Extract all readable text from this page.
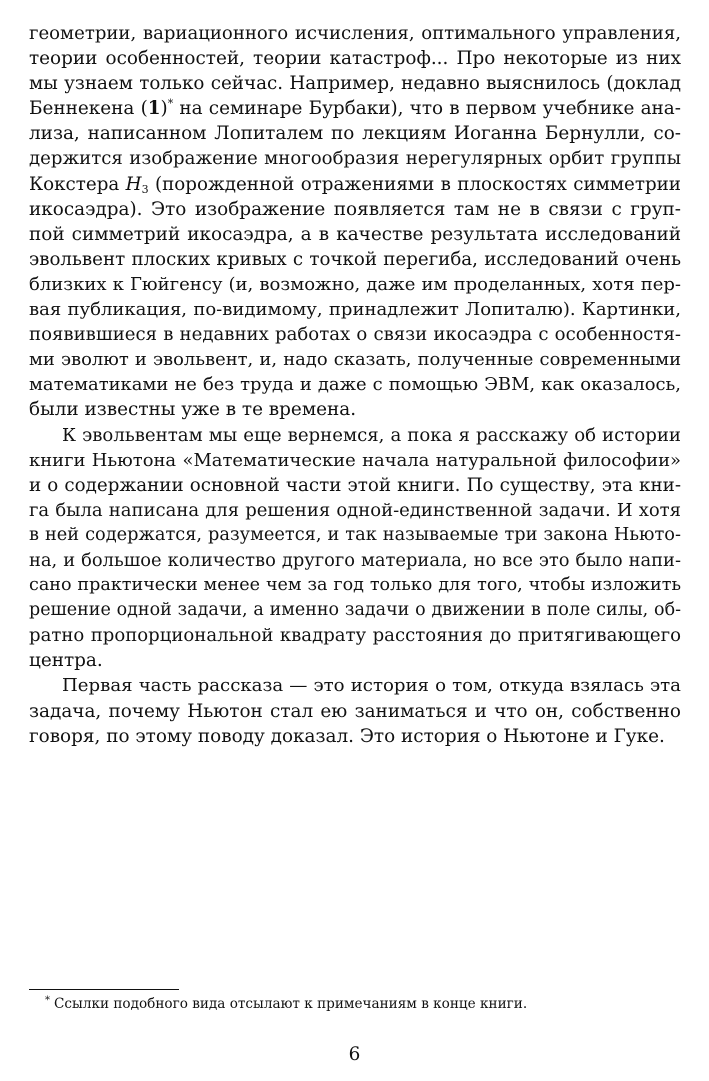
геометрии, вариационного исчисления, оптимального управления,
теории особенностей, теории катастроф... Про некоторые из них
мы узнаем только сейчас. Например, недавно выяснилось (доклад
Беннекена (1)* на семинаре Бурбаки), что в первом учебнике ана-
лиза, написанном Лопиталем по лекциям Иоганна Бернулли, со-
держится изображение многообразия нерегулярных орбит группы
Кокстера $H_3$ (порожденной отражениями в плоскостях симметрии
икосаэдра). Это изображение появляется там не в связи с груп-
пой симметрий икосаэдра, а в качестве результата исследований
эвольвент плоских кривых с точкой перегиба, исследований очень
близких к Гюйгенсу (и, возможно, даже им проделанных, хотя пер-
вая публикация, по-видимому, принадлежит Лопиталю). Картинки,
появившиеся в недавних работах о связи икосаэдра с особенностя-
ми эволют и эвольвент, и, надо сказать, полученные современными
математиками не без труда и даже с помощью ЭВМ, как оказалось,
были известны уже в те времена.
К эвольвентам мы еще вернемся, а пока я расскажу об истории
книги Ньютона «Математические начала натуральной философии»
и о содержании основной части этой книги. По существу, эта кни-
га была написана для решения одной-единственной задачи. И хотя
в ней содержатся, разумеется, и так называемые три закона Ньюто-
на, и большое количество другого материала, но все это было напи-
сано практически менее чем за год только для того, чтобы изложить
решение одной задачи, а именно задачи о движении в поле силы, об-
ратно пропорциональной квадрату расстояния до притягивающего
центра.
Первая часть рассказа — это история о том, откуда взялась эта
задача, почему Ньютон стал ею заниматься и что он, собственно
говоря, по этому поводу доказал. Это история о Ньютоне и Гуке.
* Ссылки подобного вида отсылают к примечаниям в конце книги.
6
